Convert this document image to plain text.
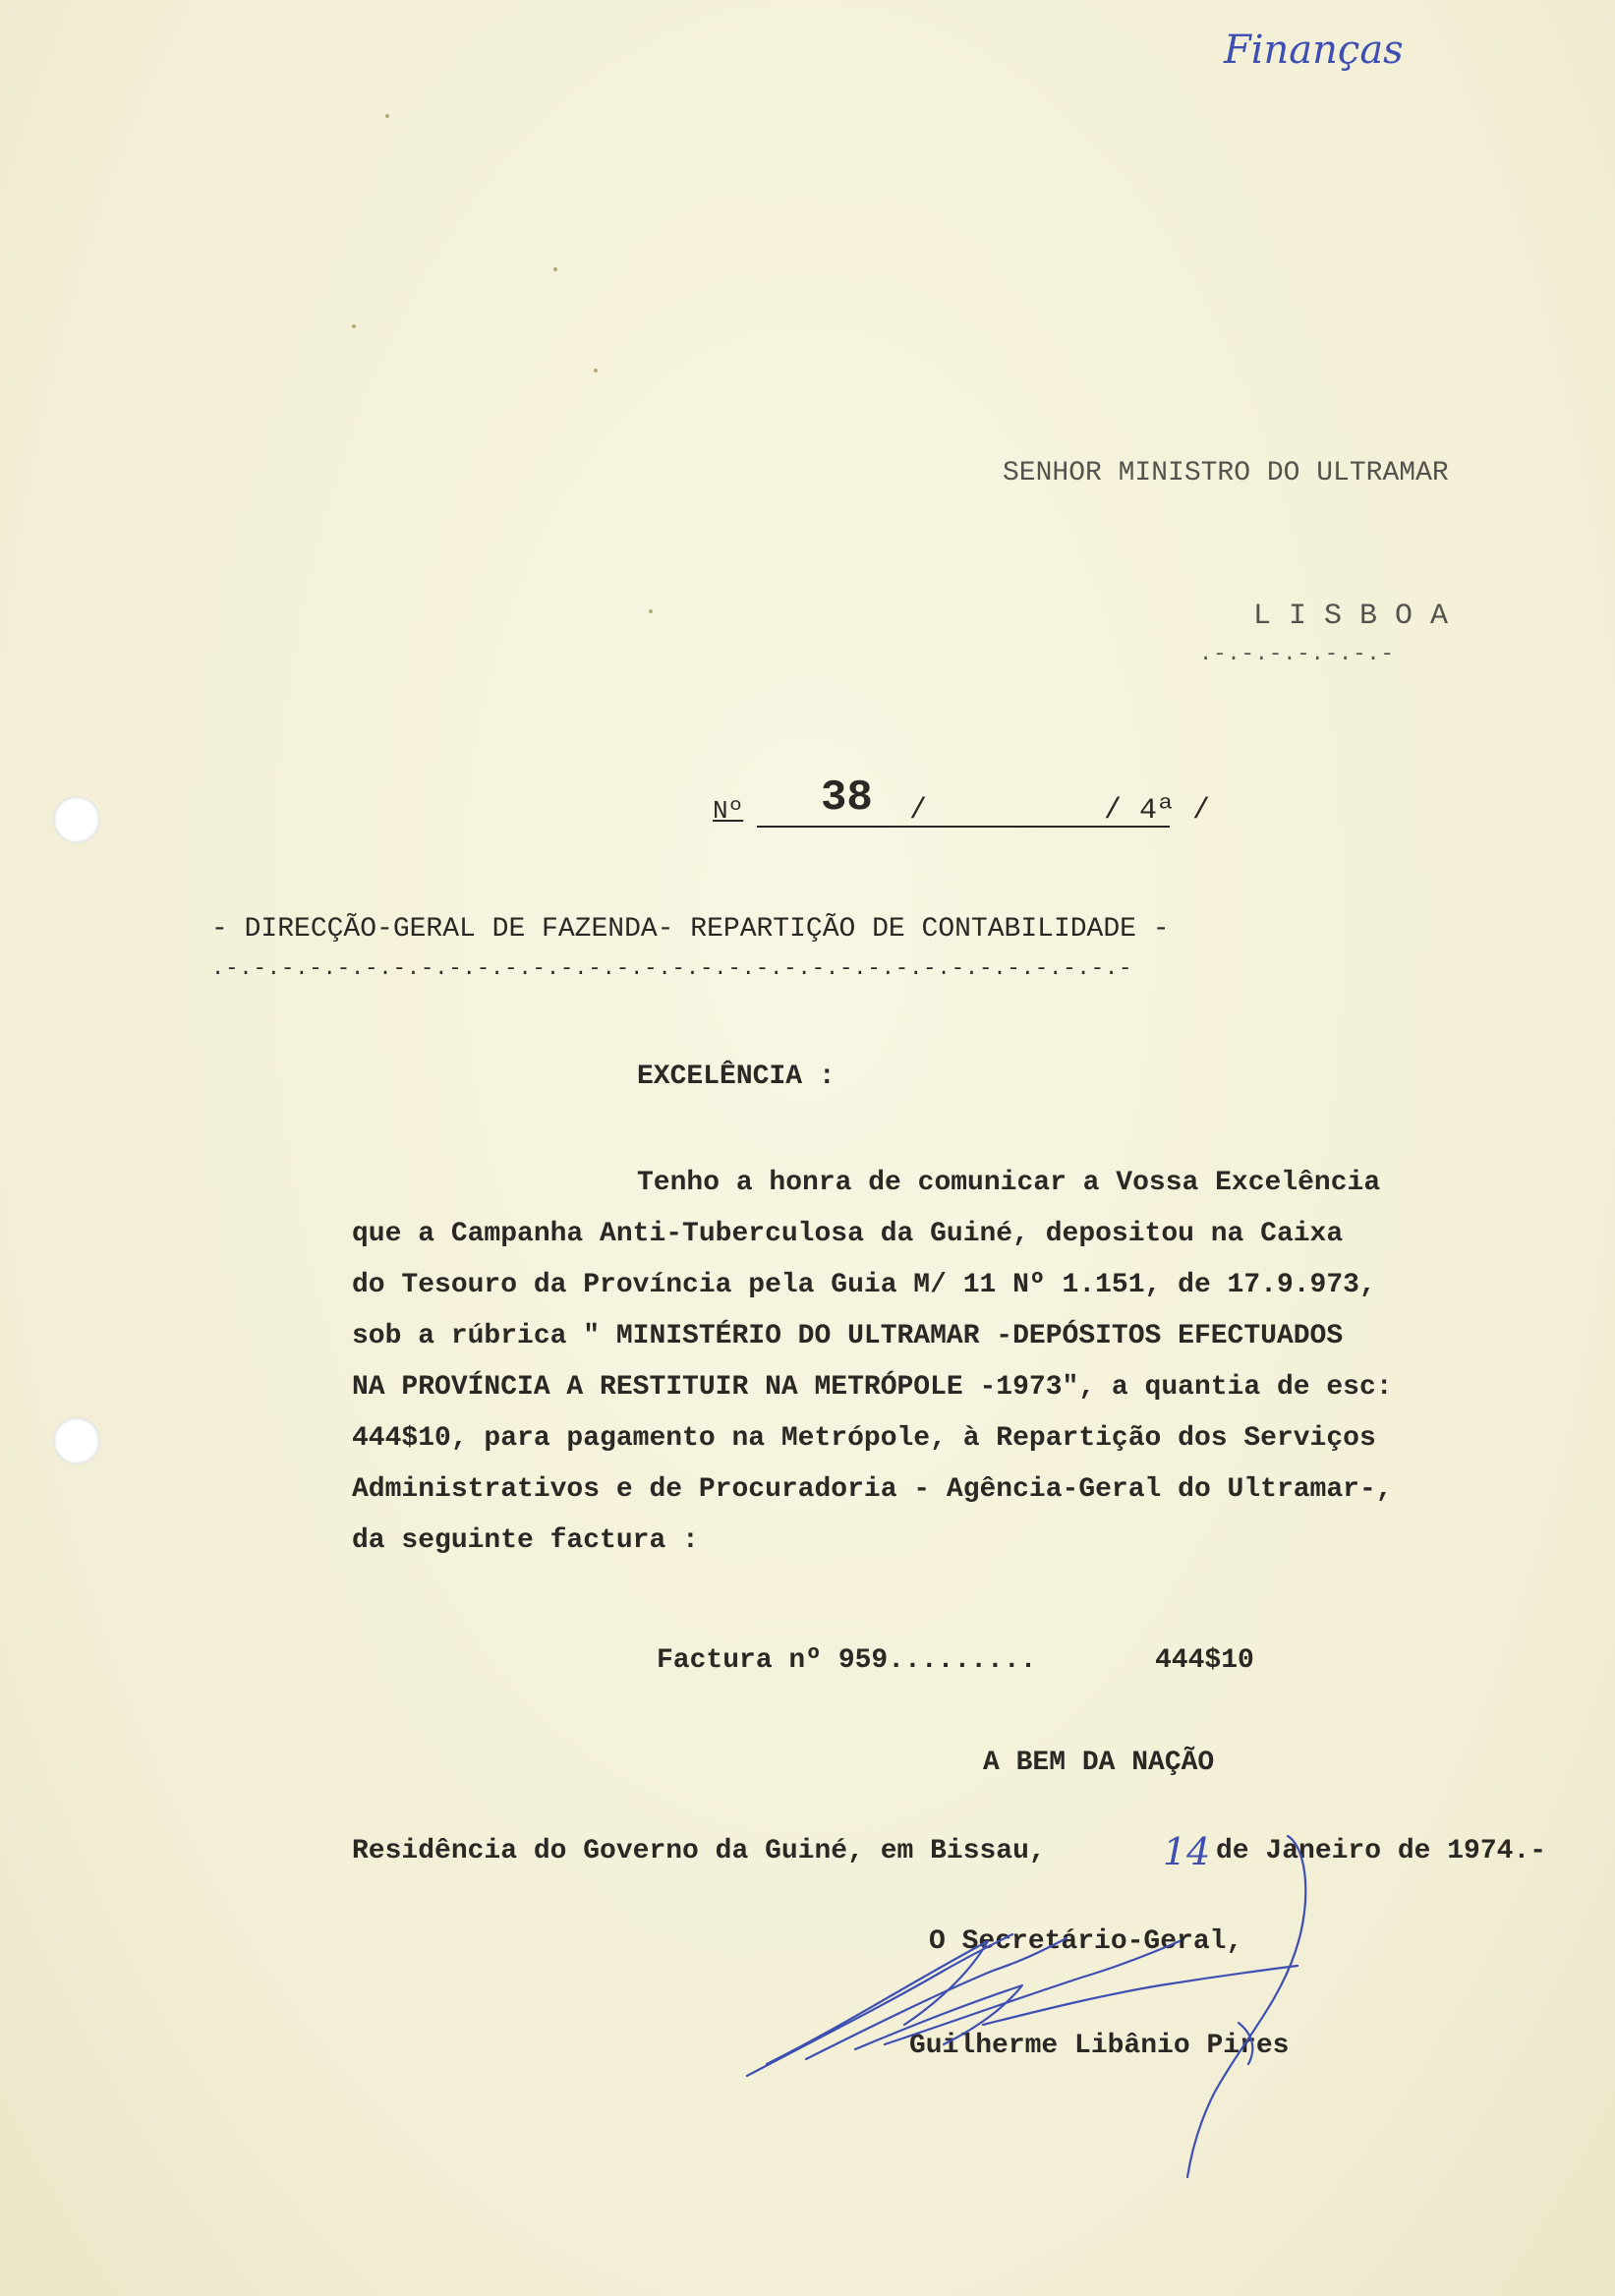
Finanças
SENHOR MINISTRO DO ULTRAMAR
L I S B O A
.-.-.-.-.-.-.-
Nº 38 /          / 4ª /
- DIRECÇÃO-GERAL DE FAZENDA- REPARTIÇÃO DE CONTABILIDADE -
.-.-.-.-.-.-.-.-.-.-.-.-.-.-.-.-.-.-.-.-.-.-.-.-.-.-.-.-.-.-.-.-.-
EXCELÊNCIA :
Tenho a honra de comunicar a Vossa Excelência
que a Campanha Anti-Tuberculosa da Guiné, depositou na Caixa
do Tesouro da Província pela Guia M/ 11 Nº 1.151, de 17.9.973,
sob a rúbrica " MINISTÉRIO DO ULTRAMAR -DEPÓSITOS EFECTUADOS
NA PROVÍNCIA A RESTITUIR NA METRÓPOLE -1973", a quantia de esc:
444$10, para pagamento na Metrópole, à Repartição dos Serviços
Administrativos e de Procuradoria - Agência-Geral do Ultramar-,
da seguinte factura :
Factura nº 959.........	444$10
A BEM DA NAÇÃO
Residência do Governo da Guiné, em Bissau,	14 de Janeiro de 1974.-
O Secretário-Geral,
Guilherme Libânio Pires
